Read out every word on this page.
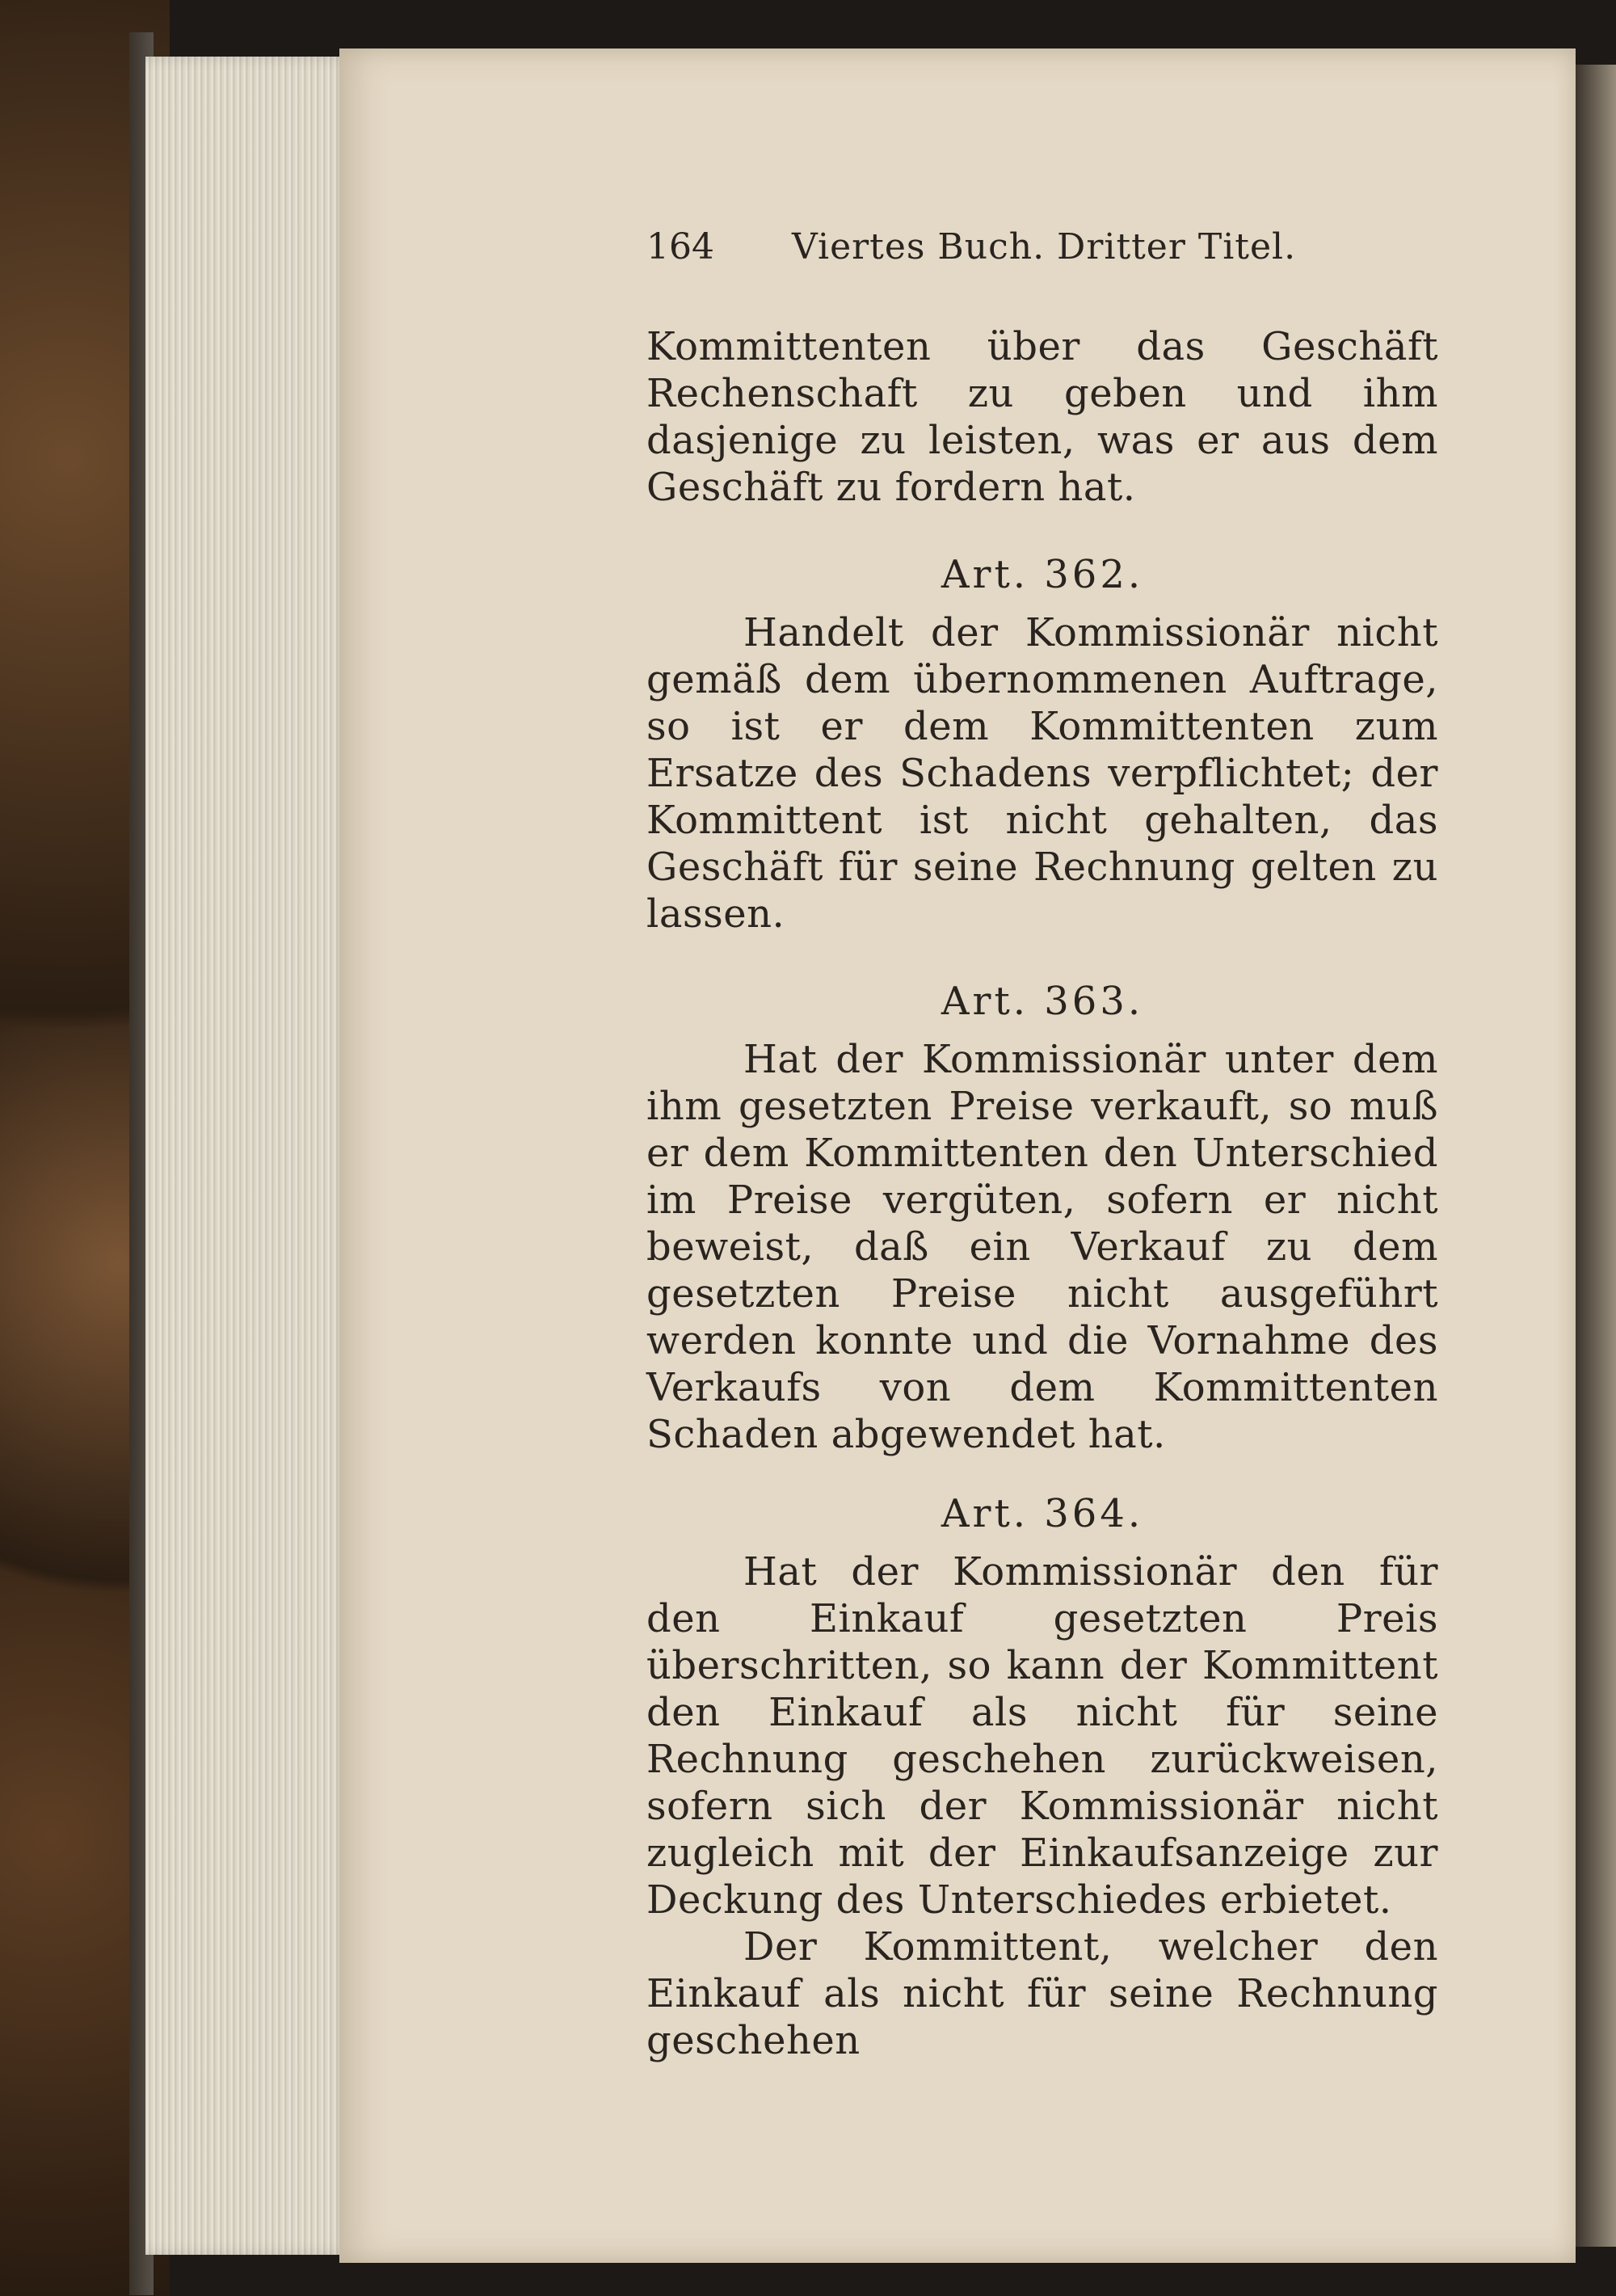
164 Viertes Buch. Dritter Titel.

Kommittenten über das Geschäft Rechenschaft zu geben und ihm dasjenige zu leisten, was er aus dem Geschäft zu fordern hat.

Art. 362.

Handelt der Kommissionär nicht gemäß dem übernommenen Auftrage, so ist er dem Kommittenten zum Ersatze des Schadens verpflichtet; der Kommittent ist nicht gehalten, das Geschäft für seine Rechnung gelten zu lassen.

Art. 363.

Hat der Kommissionär unter dem ihm gesetzten Preise verkauft, so muß er dem Kommittenten den Unterschied im Preise vergüten, sofern er nicht beweist, daß ein Verkauf zu dem gesetzten Preise nicht ausgeführt werden konnte und die Vornahme des Verkaufs von dem Kommittenten Schaden abgewendet hat.

Art. 364.

Hat der Kommissionär den für den Einkauf gesetzten Preis überschritten, so kann der Kommittent den Einkauf als nicht für seine Rechnung geschehen zurückweisen, sofern sich der Kommissionär nicht zugleich mit der Einkaufsanzeige zur Deckung des Unterschiedes erbietet.

Der Kommittent, welcher den Einkauf als nicht für seine Rechnung geschehen
